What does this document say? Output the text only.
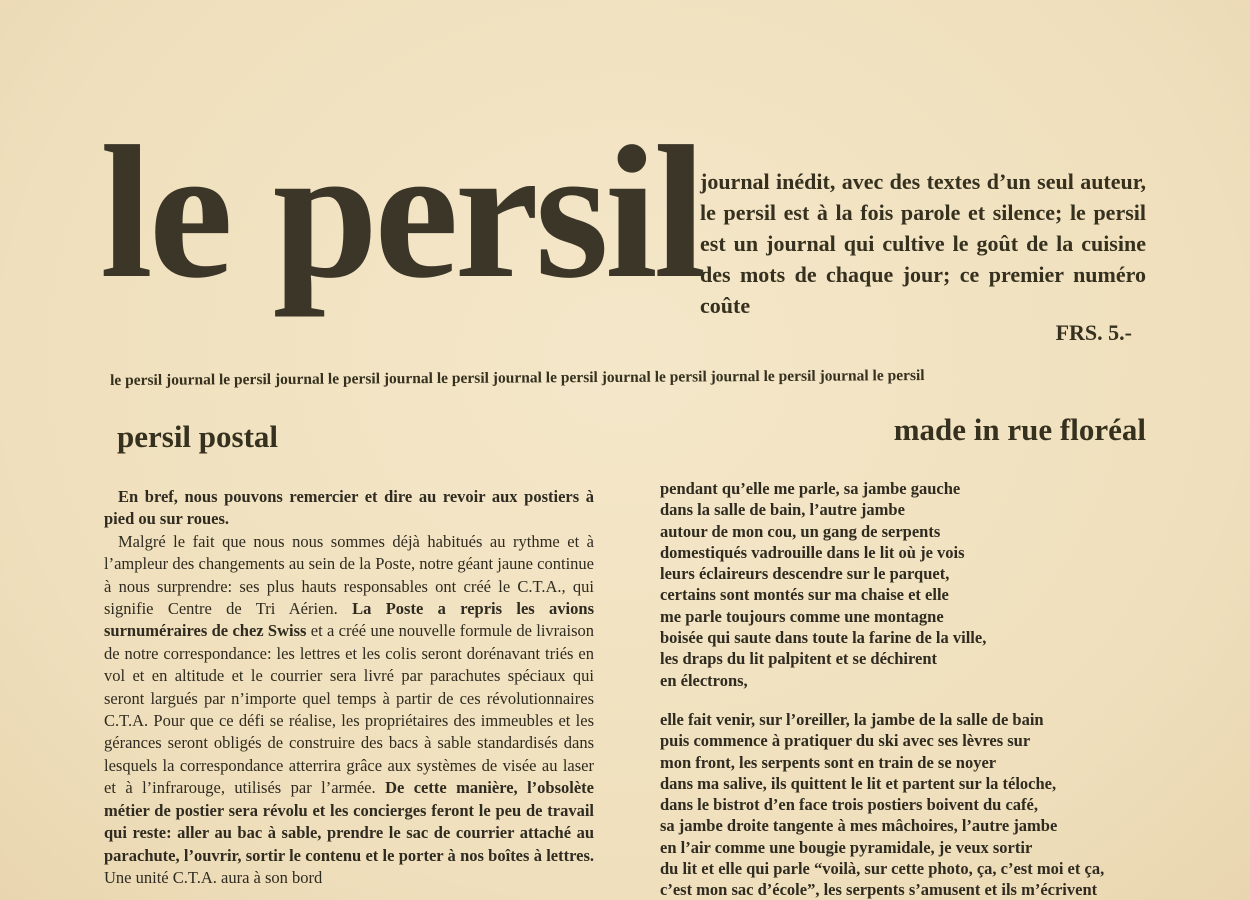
le persil
journal inédit, avec des textes d’un seul auteur, le persil est à la fois parole et silence; le persil est un journal qui cultive le goût de la cuisine des mots de chaque jour; ce premier numéro coûte
FRS. 5.-
le persil journal le persil journal le persil journal le persil journal le persil journal le persil journal le persil journal le persil
persil postal	made in rue floréal

En bref, nous pouvons remercier et dire au revoir aux postiers à pied ou sur roues.

Malgré le fait que nous nous sommes déjà habitués au rythme et à l’ampleur des changements au sein de la Poste, notre géant jaune continue à nous surprendre: ses plus hauts responsables ont créé le C.T.A., qui signifie Centre de Tri Aérien. La Poste a repris les avions surnuméraires de chez Swiss et a créé une nouvelle formule de livraison de notre correspondance: les lettres et les colis seront dorénavant triés en vol et en altitude et le courrier sera livré par parachutes spéciaux qui seront largués par n’importe quel temps à partir de ces révolutionnaires C.T.A. Pour que ce défi se réalise, les propriétaires des immeubles et les gérances seront obligés de construire des bacs à sable standardisés dans lesquels la correspondance atterrira grâce aux systèmes de visée au laser et à l’infrarouge, utilisés par l’armée. De cette manière, l’obsolète métier de postier sera révolu et les concierges feront le peu de travail qui reste: aller au bac à sable, prendre le sac de courrier attaché au parachute, l’ouvrir, sortir le contenu et le porter à nos boîtes à lettres. Une unité C.T.A. aura à son bord

pendant qu’elle me parle, sa jambe gauche
dans la salle de bain, l’autre jambe
autour de mon cou, un gang de serpents
domestiqués vadrouille dans le lit où je vois
leurs éclaireurs descendre sur le parquet,
certains sont montés sur ma chaise et elle
me parle toujours comme une montagne
boisée qui saute dans toute la farine de la ville,
les draps du lit palpitent et se déchirent
en électrons,
elle fait venir, sur l’oreiller, la jambe de la salle de bain
puis commence à pratiquer du ski avec ses lèvres sur
mon front, les serpents sont en train de se noyer
dans ma salive, ils quittent le lit et partent sur la téloche,
dans le bistrot d’en face trois postiers boivent du café,
sa jambe droite tangente à mes mâchoires, l’autre jambe
en l’air comme une bougie pyramidale, je veux sortir
du lit et elle qui parle “voilà, sur cette photo, ça, c’est moi et ça,
c’est mon sac d’école”, les serpents s’amusent et ils m’écrivent
